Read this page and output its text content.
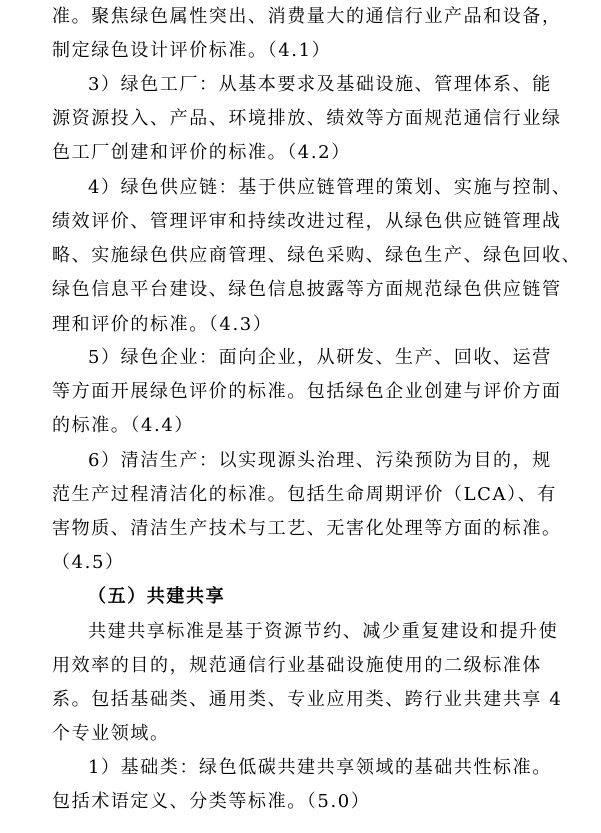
准。聚焦绿色属性突出、消费量大的通信行业产品和设备，
制定绿色设计评价标准。（4.1）
3）绿色工厂：从基本要求及基础设施、管理体系、能
源资源投入、产品、环境排放、绩效等方面规范通信行业绿
色工厂创建和评价的标准。（4.2）
4）绿色供应链：基于供应链管理的策划、实施与控制、
绩效评价、管理评审和持续改进过程，从绿色供应链管理战
略、实施绿色供应商管理、绿色采购、绿色生产、绿色回收、
绿色信息平台建设、绿色信息披露等方面规范绿色供应链管
理和评价的标准。（4.3）
5）绿色企业：面向企业，从研发、生产、回收、运营
等方面开展绿色评价的标准。包括绿色企业创建与评价方面
的标准。（4.4）
6）清洁生产：以实现源头治理、污染预防为目的，规
范生产过程清洁化的标准。包括生命周期评价（LCA）、有
害物质、清洁生产技术与工艺、无害化处理等方面的标准。
（4.5）
（五）共建共享
共建共享标准是基于资源节约、减少重复建设和提升使
用效率的目的，规范通信行业基础设施使用的二级标准体
系。包括基础类、通用类、专业应用类、跨行业共建共享 4
个专业领域。
1）基础类：绿色低碳共建共享领域的基础共性标准。
包括术语定义、分类等标准。（5.0）
